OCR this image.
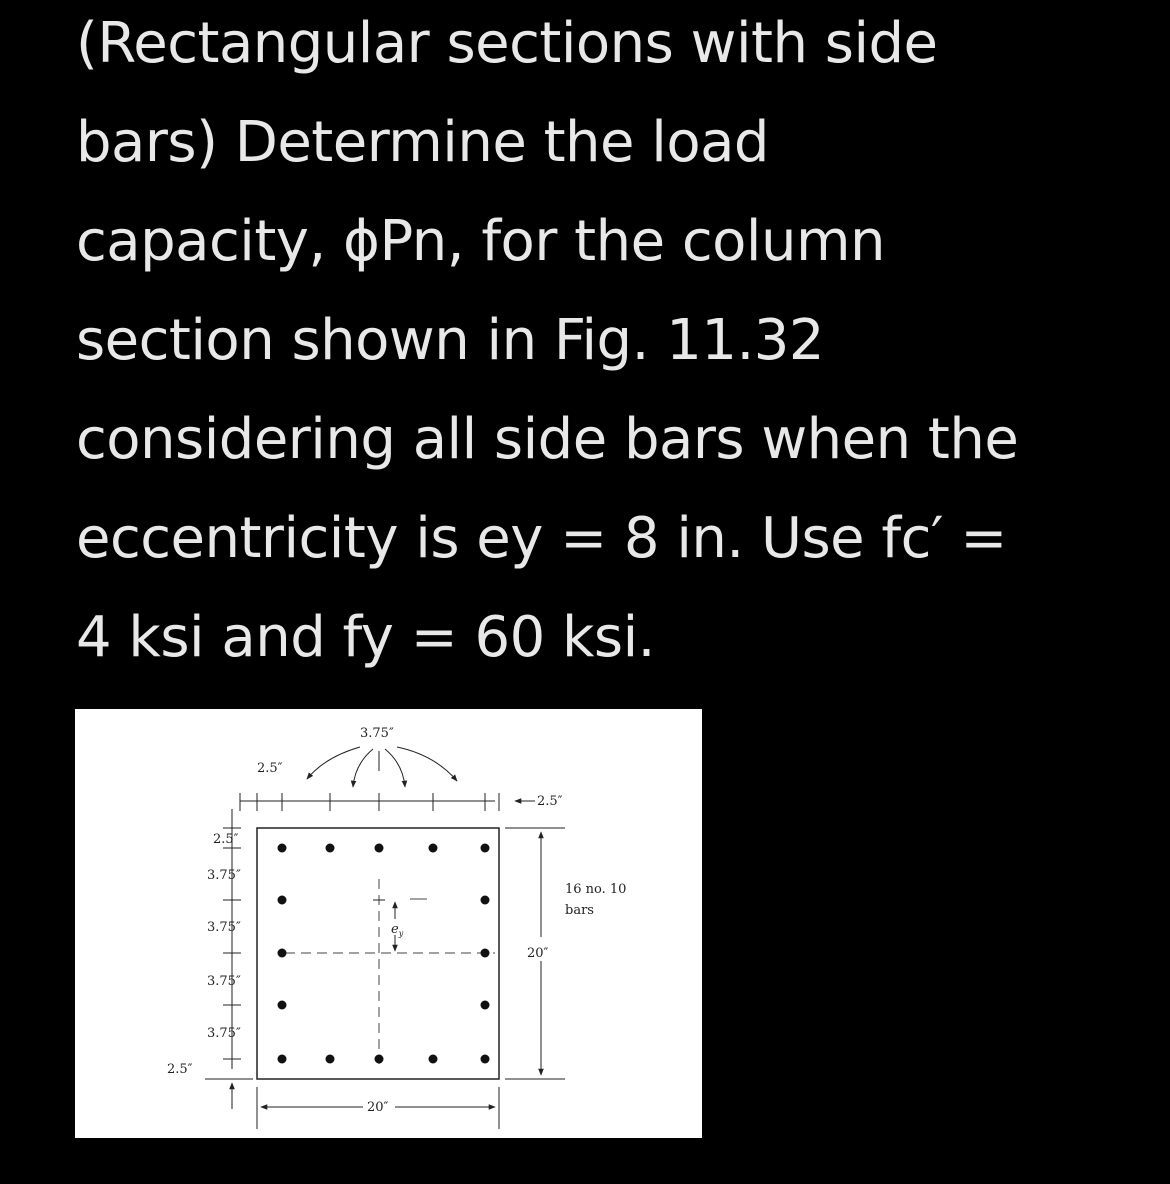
(Rectangular sections with side
bars) Determine the load
capacity, ϕPn, for the column
section shown in Fig. 11.32
considering all side bars when the
eccentricity is ey = 8 in. Use fc′ =
4 ksi and fy = 60 ksi.
$e_y$
3.75″
2.5″
2.5″
20″
16 no. 10
bars
20″
2.5″
3.75″
3.75″
3.75″
3.75″
2.5″
